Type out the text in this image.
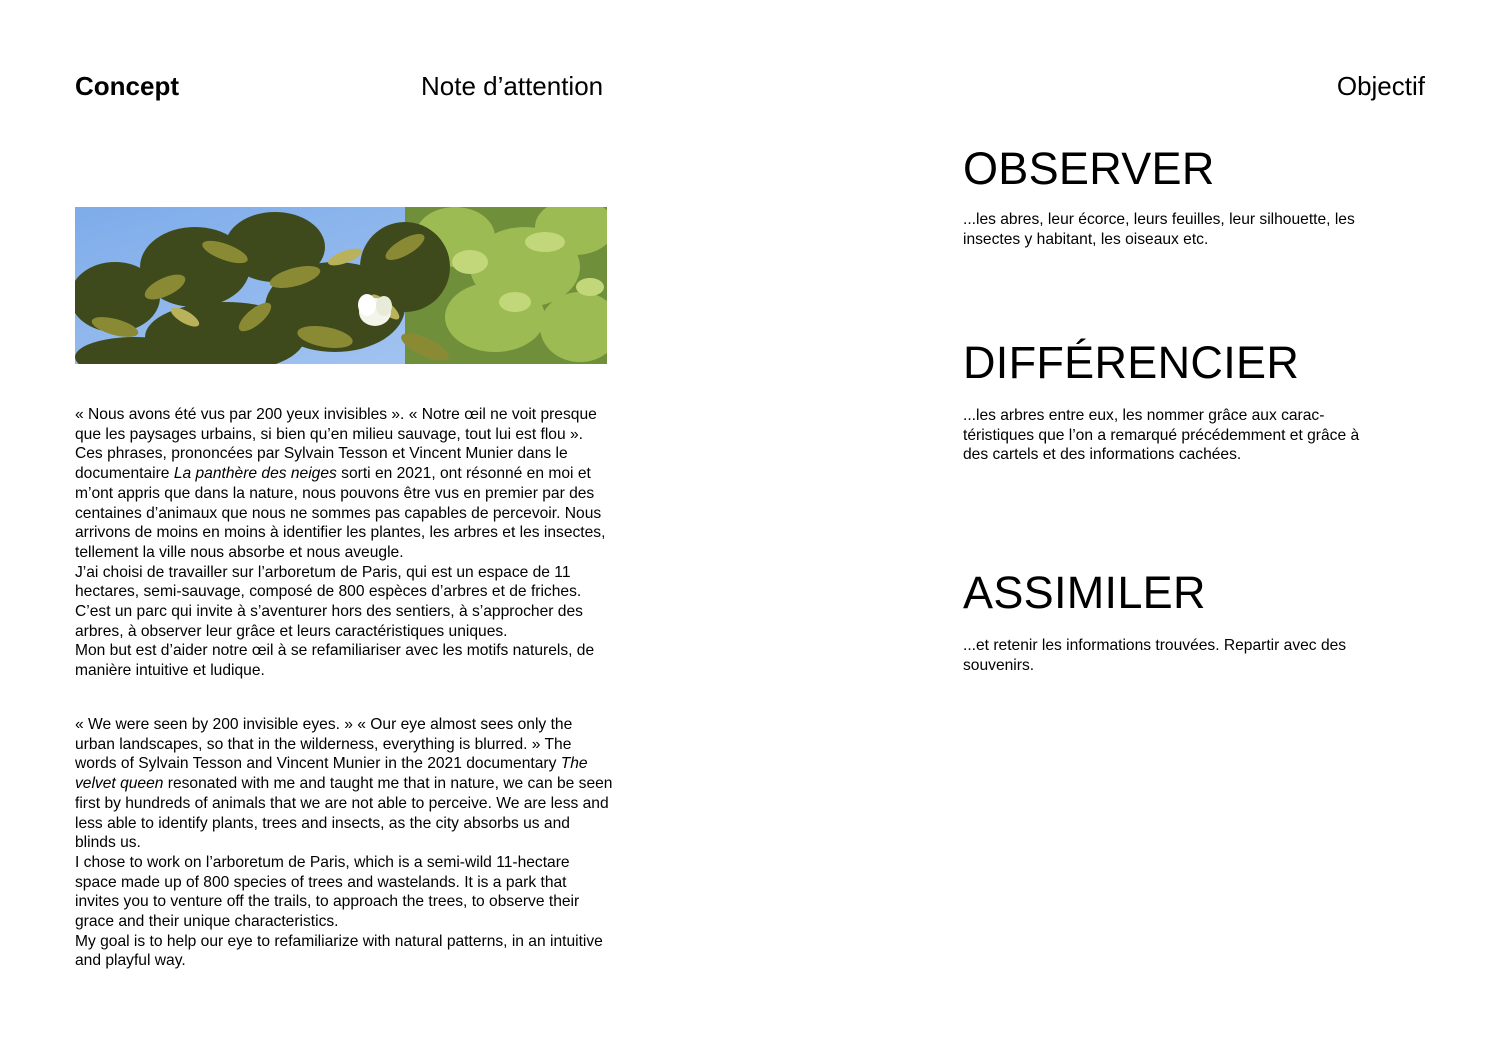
Concept	Note d’attention	Objectif

« Nous avons été vus par 200 yeux invisibles ». « Notre œil ne voit presque que les paysages urbains, si bien qu’en milieu sauvage, tout lui est flou ». Ces phrases, prononcées par Sylvain Tesson et Vincent Munier dans le documentaire La panthère des neiges sorti en 2021, ont résonné en moi et m’ont appris que dans la nature, nous pouvons être vus en premier par des centaines d’animaux que nous ne sommes pas capables de percevoir. Nous arrivons de moins en moins à identifier les plantes, les arbres et les insectes, tellement la ville nous absorbe et nous aveugle.

J’ai choisi de travailler sur l’arboretum de Paris, qui est un espace de 11 hectares, semi-sauvage, composé de 800 espèces d’arbres et de friches. C’est un parc qui invite à s’aventurer hors des sentiers, à s’approcher des arbres, à observer leur grâce et leurs caractéristiques uniques.

Mon but est d’aider notre œil à se refamiliariser avec les motifs naturels, de manière intuitive et ludique.

« We were seen by 200 invisible eyes. » « Our eye almost sees only the urban landscapes, so that in the wilderness, everything is blurred. » The words of Sylvain Tesson and Vincent Munier in the 2021 documentary The velvet queen resonated with me and taught me that in nature, we can be seen first by hundreds of animals that we are not able to perceive. We are less and less able to identify plants, trees and insects, as the city absorbs us and blinds us.

I chose to work on l’arboretum de Paris, which is a semi-wild 11-hectare space made up of 800 species of trees and wastelands. It is a park that invites you to venture off the trails, to approach the trees, to observe their grace and their unique characteristics.

My goal is to help our eye to refamiliarize with natural patterns, in an intuitive and playful way.

OBSERVER
...les abres, leur écorce, leurs feuilles, leur silhouette, les insectes y habitant, les oiseaux etc.
DIFFÉRENCIER
...les arbres entre eux, les nommer grâce aux carac-téristiques que l’on a remarqué précédemment et grâce à des cartels et des informations cachées.
ASSIMILER
...et retenir les informations trouvées. Repartir avec des souvenirs.
